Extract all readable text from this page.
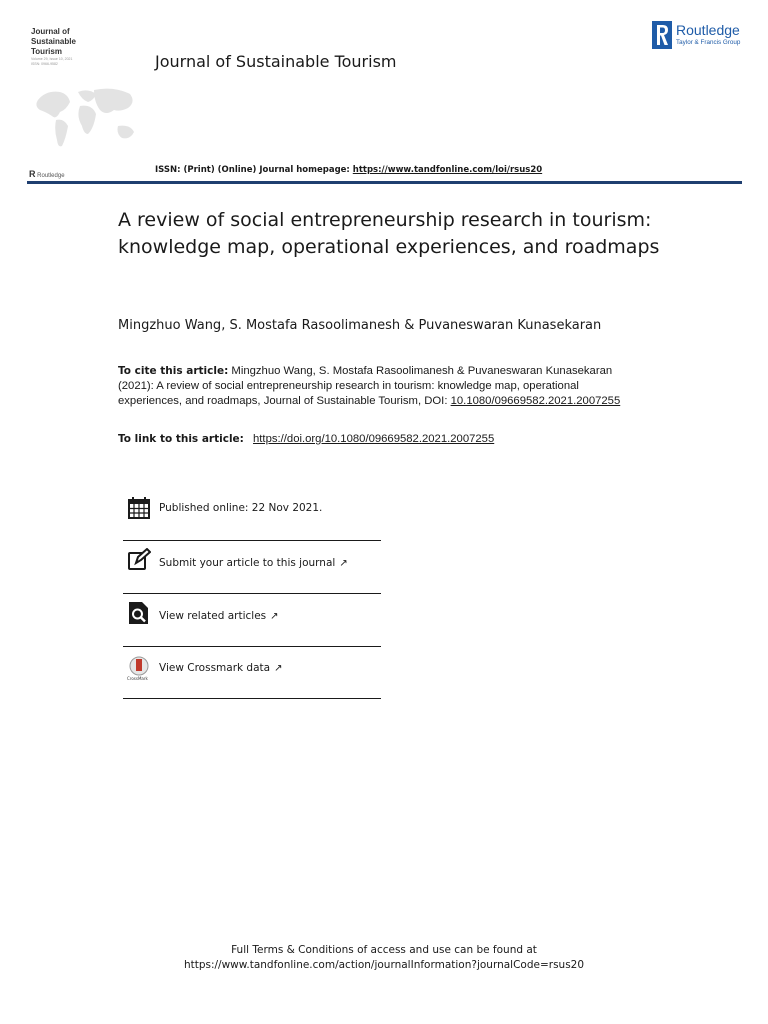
Journal of
Sustainable
Tourism
Volume 29, Issue 10, 2021
ISSN: 0966-9582
R Routledge
Journal of Sustainable Tourism
Routledge
Taylor & Francis Group
ISSN: (Print) (Online) Journal homepage: https://www.tandfonline.com/loi/rsus20
A review of social entrepreneurship research in tourism: knowledge map, operational experiences, and roadmaps
Mingzhuo Wang, S. Mostafa Rasoolimanesh & Puvaneswaran Kunasekaran
To cite this article: Mingzhuo Wang, S. Mostafa Rasoolimanesh & Puvaneswaran Kunasekaran (2021): A review of social entrepreneurship research in tourism: knowledge map, operational experiences, and roadmaps, Journal of Sustainable Tourism, DOI: 10.1080/09669582.2021.2007255
To link to this article: https://doi.org/10.1080/09669582.2021.2007255
Published online: 22 Nov 2021.
Submit your article to this journal ↗
View related articles ↗
CrossMark
View Crossmark data ↗
Full Terms & Conditions of access and use can be found at
https://www.tandfonline.com/action/journalInformation?journalCode=rsus20
